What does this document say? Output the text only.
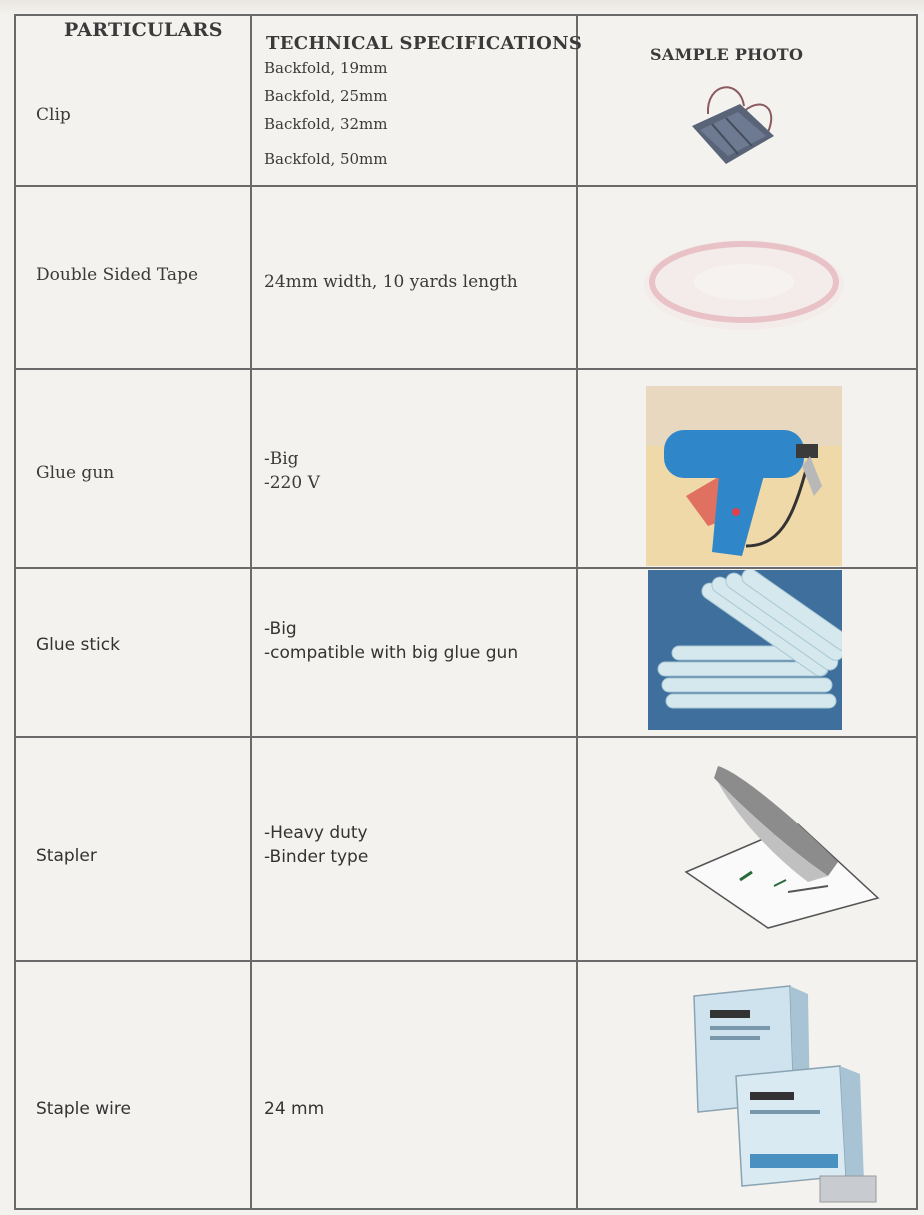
PARTICULARS
TECHNICAL SPECIFICATIONS
SAMPLE PHOTO
Clip
Backfold, 19mm
Backfold, 25mm
Backfold, 32mm
Backfold, 50mm
Double Sided Tape	24mm width, 10 yards length
Glue gun
-Big
-220 V
Glue stick
-Big
-compatible with big glue gun
Stapler
-Heavy duty
-Binder type
Staple wire	24 mm
